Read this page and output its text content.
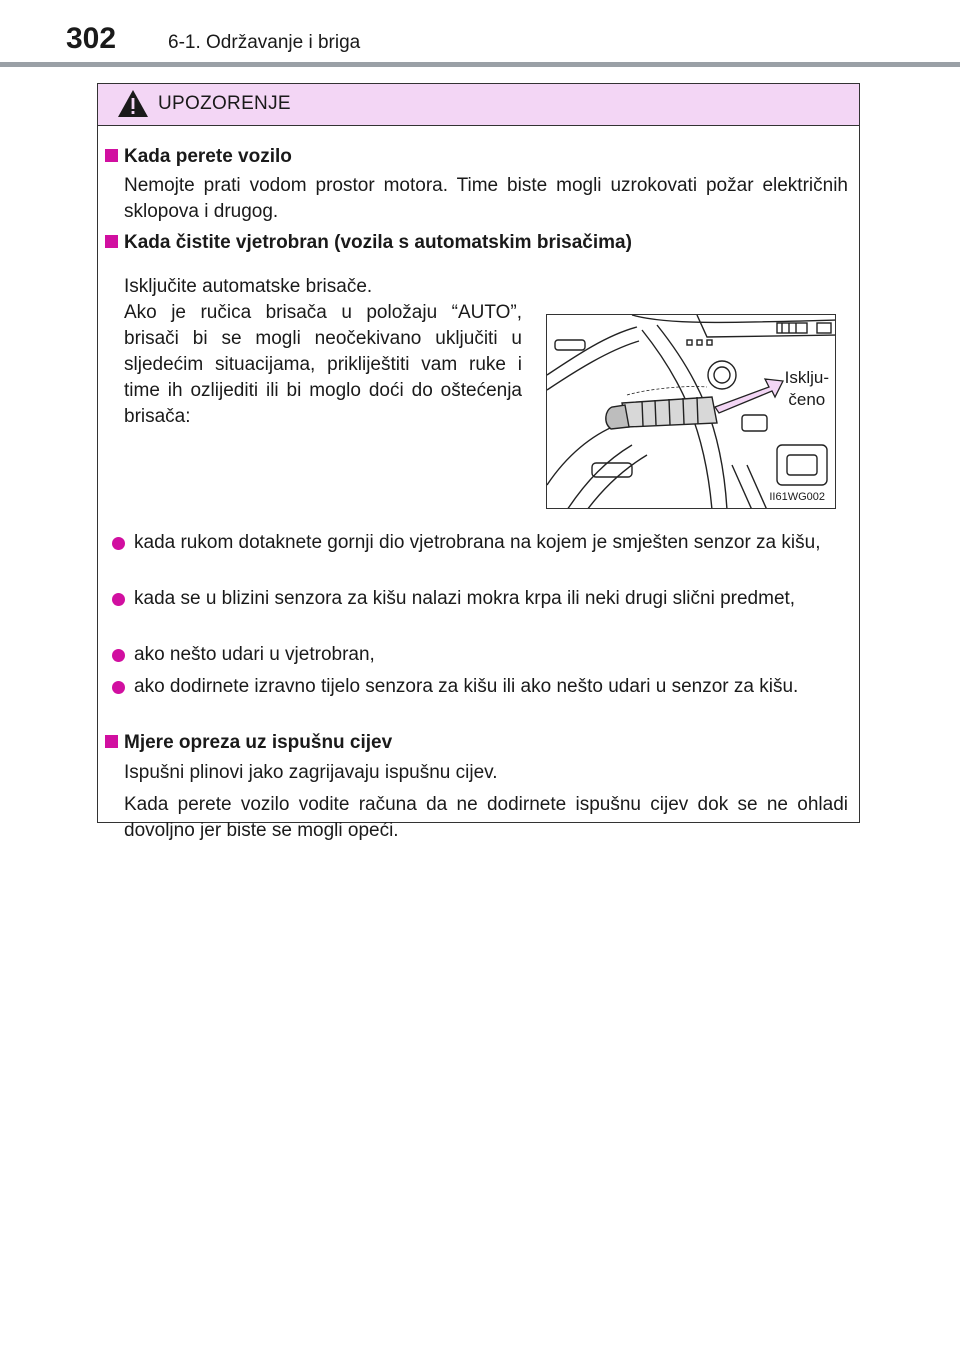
302	6-1. Održavanje i briga
UPOZORENJE
Kada perete vozilo
Nemojte prati vodom prostor motora. Time biste mogli uzrokovati požar električnih sklopova i drugog.
Kada čistite vjetrobran (vozila s automatskim brisačima)
Isključite automatske brisače.
Ako je ručica brisača u položaju “AUTO”, brisači bi se mogli neočekivano uključiti u sljedećim situacijama, prikliještiti vam ruke i time ih ozlijediti ili bi moglo doći do oštećenja brisača:
Isklju-
čeno
II61WG002
kada rukom dotaknete gornji dio vjetrobrana na kojem je smješten senzor za kišu,
kada se u blizini senzora za kišu nalazi mokra krpa ili neki drugi slični predmet,
ako nešto udari u vjetrobran,
ako dodirnete izravno tijelo senzora za kišu ili ako nešto udari u senzor za kišu.
Mjere opreza uz ispušnu cijev
Ispušni plinovi jako zagrijavaju ispušnu cijev.
Kada perete vozilo vodite računa da ne dodirnete ispušnu cijev dok se ne ohladi dovoljno jer biste se mogli opeći.
